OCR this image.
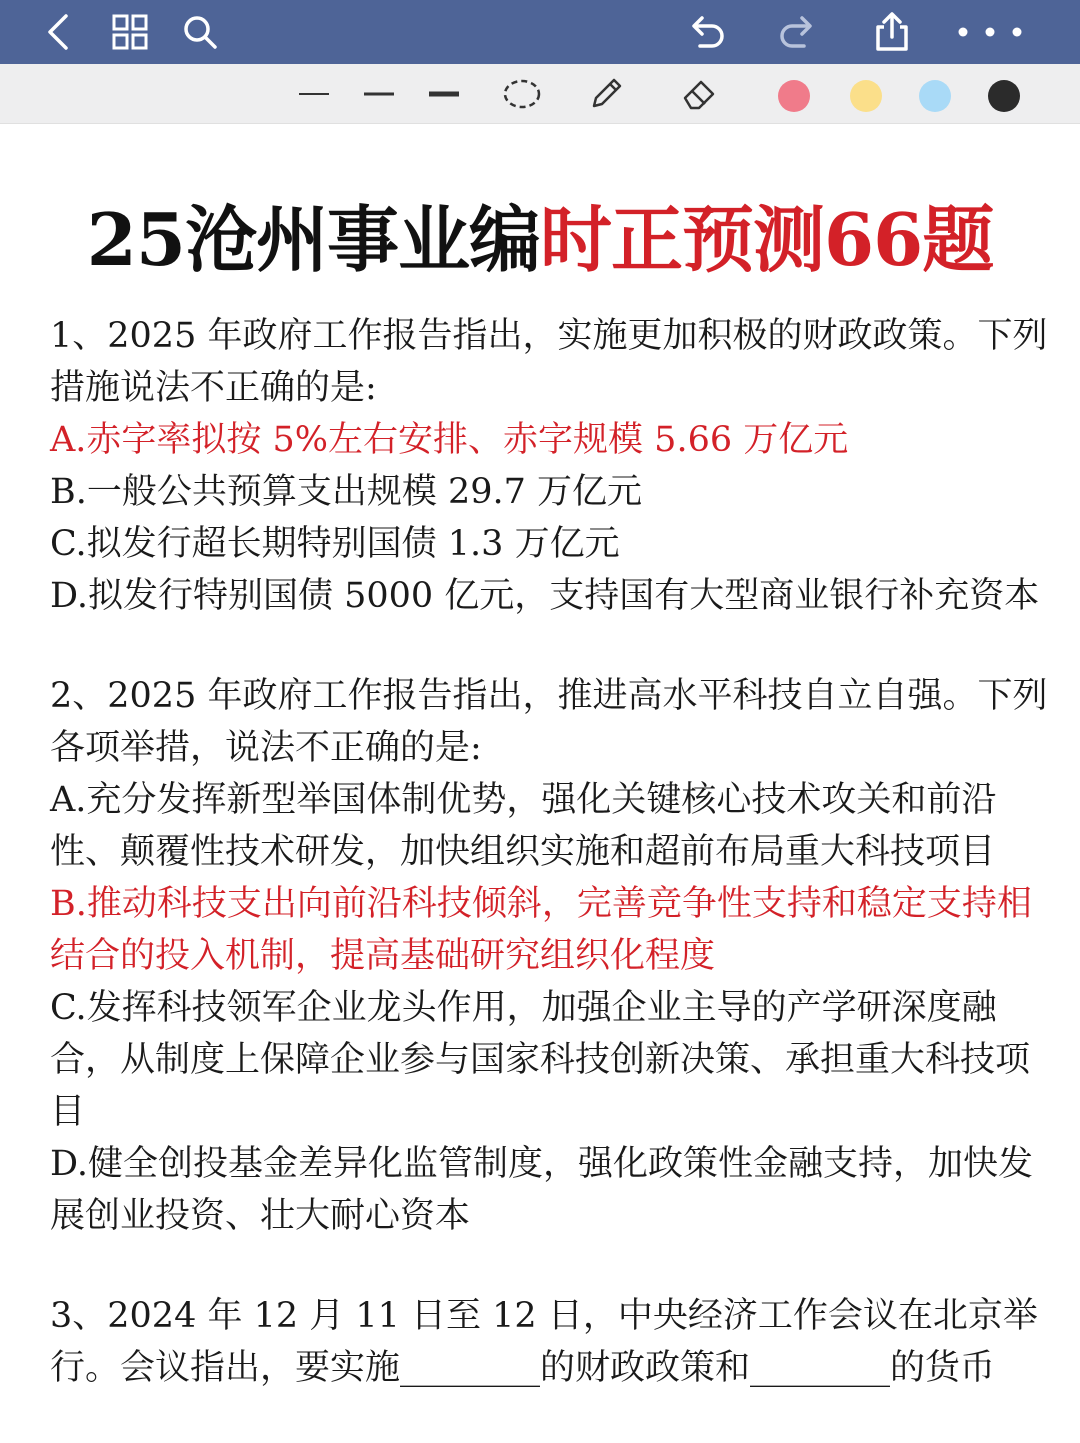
25沧州事业编时正预测66题
1、2025 年政府工作报告指出，实施更加积极的财政政策。下列
措施说法不正确的是:
A.赤字率拟按 5%左右安排、赤字规模 5.66 万亿元
B.一般公共预算支出规模 29.7 万亿元
C.拟发行超长期特别国债 1.3 万亿元
D.拟发行特别国债 5000 亿元，支持国有大型商业银行补充资本
2、2025 年政府工作报告指出，推进高水平科技自立自强。下列
各项举措，说法不正确的是:
A.充分发挥新型举国体制优势，强化关键核心技术攻关和前沿
性、颠覆性技术研发，加快组织实施和超前布局重大科技项目
B.推动科技支出向前沿科技倾斜，完善竞争性支持和稳定支持相
结合的投入机制，提高基础研究组织化程度
C.发挥科技领军企业龙头作用，加强企业主导的产学研深度融
合，从制度上保障企业参与国家科技创新决策、承担重大科技项
目
D.健全创投基金差异化监管制度，强化政策性金融支持，加快发
展创业投资、壮大耐心资本
3、2024 年 12 月 11 日至 12 日，中央经济工作会议在北京举
行。会议指出，要实施________的财政政策和________的货币
